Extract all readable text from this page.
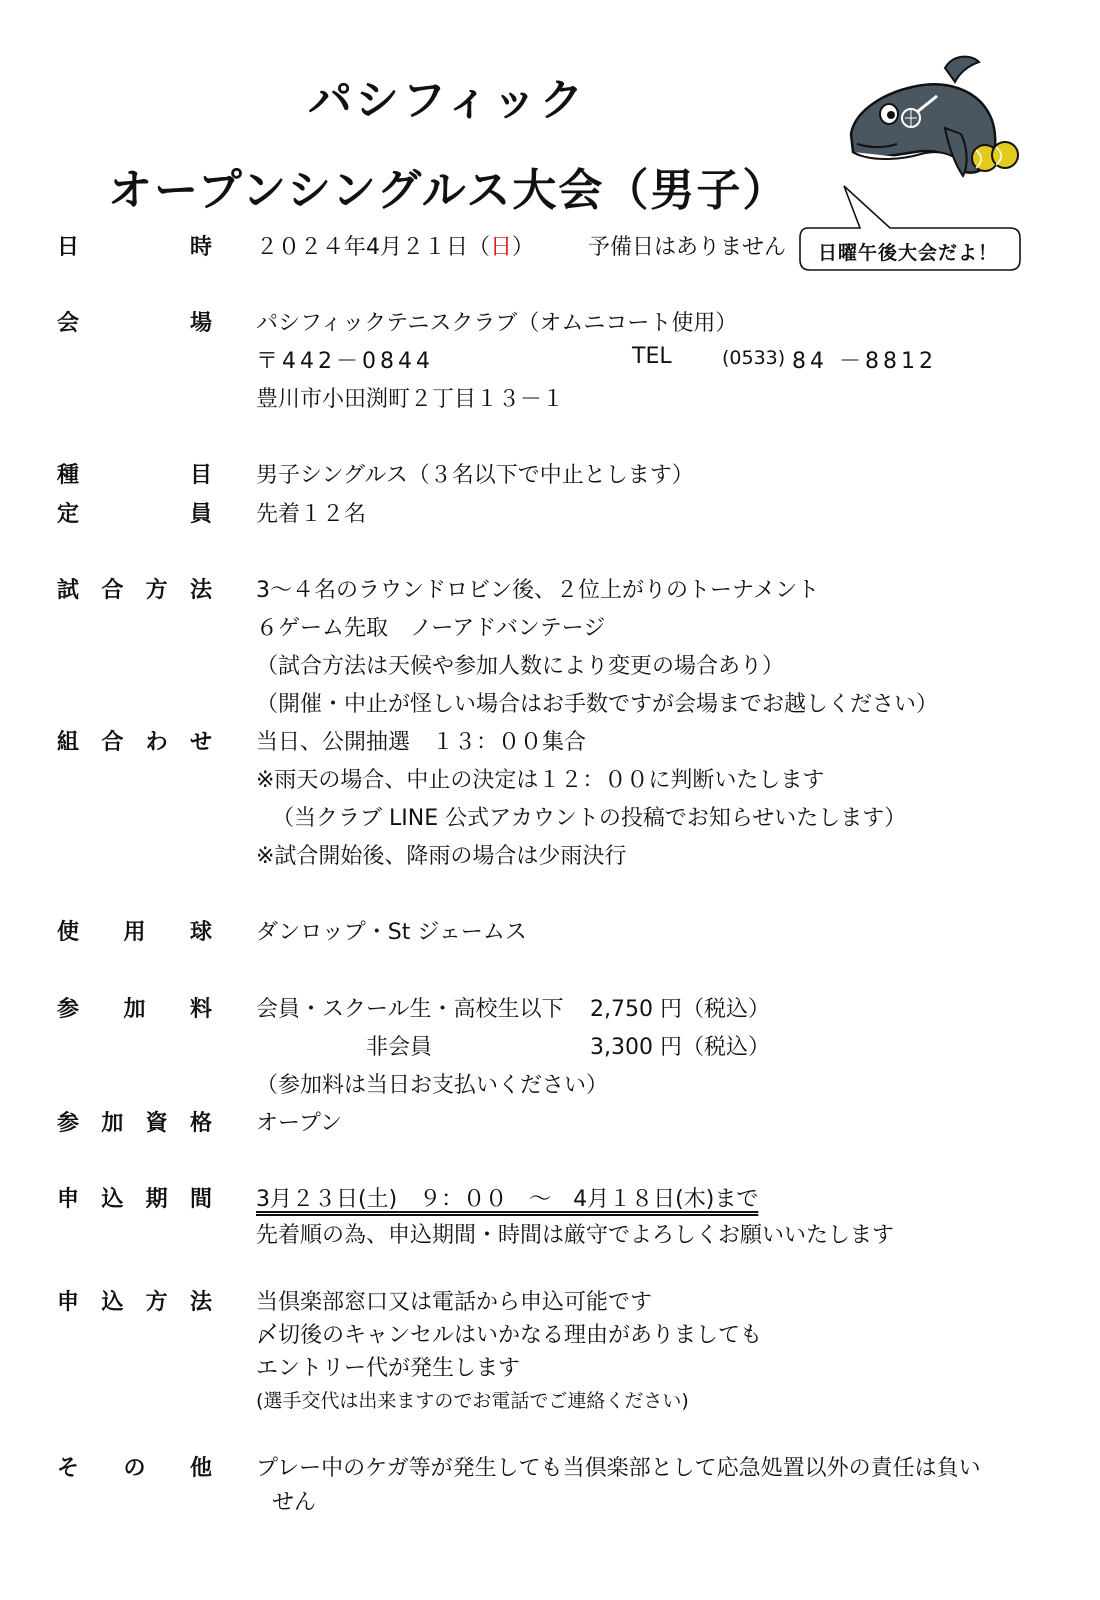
パシフィック
オープンシングルス大会（男子）
日曜午後大会だよ！
日	時 ２０２４年4月２１日（日） 予備日はありません
会	場 パシフィックテニスクラブ（オムニコート使用）
〒442－0844	TEL	(0533) 84 －8812
豊川市小田渕町２丁目１３－１
種	目 男子シングルス（３名以下で中止とします）
定	員 先着１２名
試 合 方 法 3～４名のラウンドロビン後、２位上がりのトーナメント
６ゲーム先取　ノーアドバンテージ
（試合方法は天候や参加人数により変更の場合あり）
（開催・中止が怪しい場合はお手数ですが会場までお越しください）
組 合 わ せ 当日、公開抽選　１３：００集合
※雨天の場合、中止の決定は１２：００に判断いたします
（当クラブ LINE 公式アカウントの投稿でお知らせいたします）
※試合開始後、降雨の場合は少雨決行
使 用 球 ダンロップ・St ジェームス
参 加 料 会員・スクール生・高校生以下 2,750 円（税込）
非会員	3,300 円（税込）
（参加料は当日お支払いください）
参 加 資 格 オープン
申 込 期 間 3月２３日(土)　９：００　～　4月１８日(木)まで
先着順の為、申込期間・時間は厳守でよろしくお願いいたします
申 込 方 法 当倶楽部窓口又は電話から申込可能です
〆切後のキャンセルはいかなる理由がありましても
エントリー代が発生します
(選手交代は出来ますのでお電話でご連絡ください)
そ の 他 プレー中のケガ等が発生しても当倶楽部として応急処置以外の責任は負い
せん
